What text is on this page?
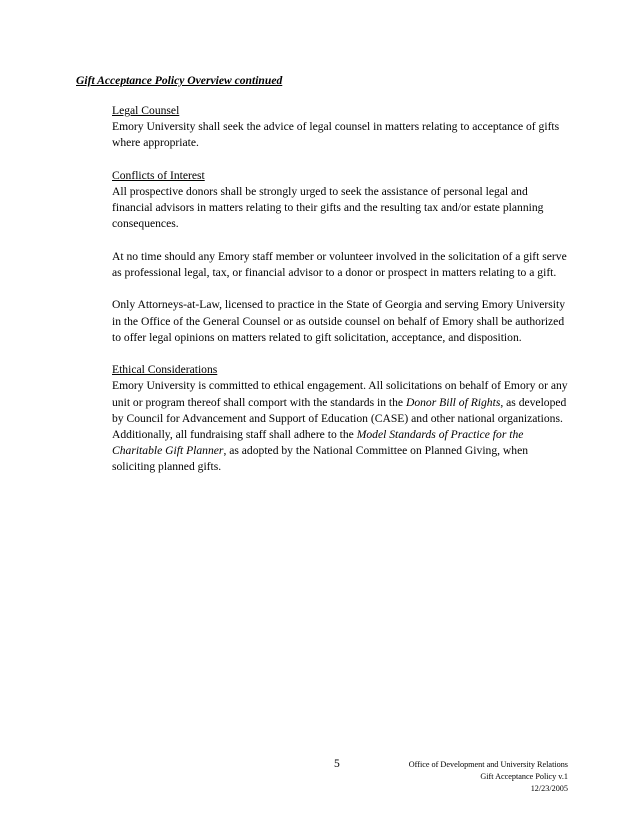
Gift Acceptance Policy Overview continued
Legal Counsel
Emory University shall seek the advice of legal counsel in matters relating to acceptance of gifts where appropriate.
Conflicts of Interest
All prospective donors shall be strongly urged to seek the assistance of personal legal and financial advisors in matters relating to their gifts and the resulting tax and/or estate planning consequences.
At no time should any Emory staff member or volunteer involved in the solicitation of a gift serve as professional legal, tax, or financial advisor to a donor or prospect in matters relating to a gift.
Only Attorneys-at-Law, licensed to practice in the State of Georgia and serving Emory University in the Office of the General Counsel or as outside counsel on behalf of Emory shall be authorized to offer legal opinions on matters related to gift solicitation, acceptance, and disposition.
Ethical Considerations
Emory University is committed to ethical engagement. All solicitations on behalf of Emory or any unit or program thereof shall comport with the standards in the Donor Bill of Rights, as developed by Council for Advancement and Support of Education (CASE) and other national organizations. Additionally, all fundraising staff shall adhere to the Model Standards of Practice for the Charitable Gift Planner, as adopted by the National Committee on Planned Giving, when soliciting planned gifts.
5	Office of Development and University Relations
Gift Acceptance Policy v.1
12/23/2005
